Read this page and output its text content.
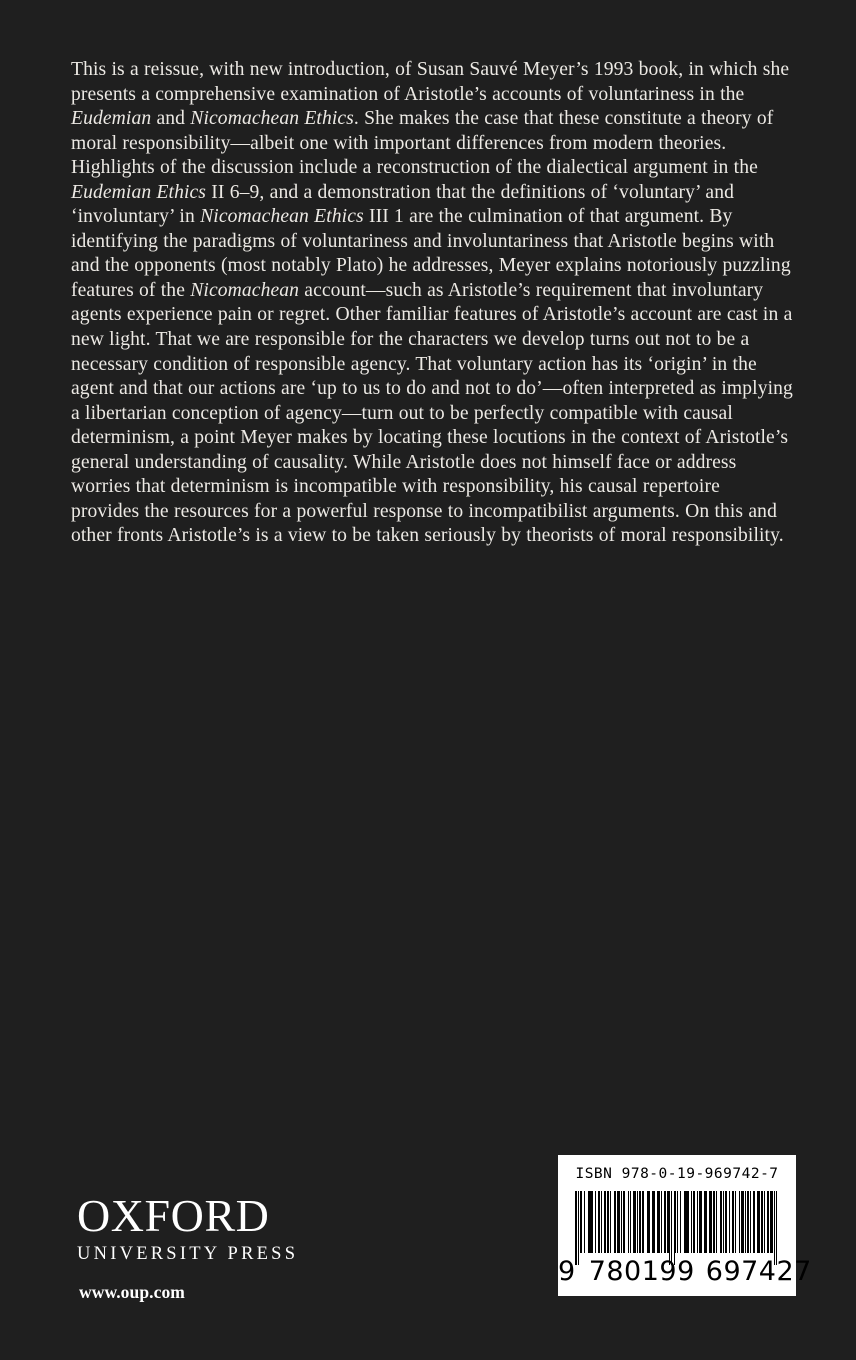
This is a reissue, with new introduction, of Susan Sauvé Meyer’s 1993 book, in which she presents a comprehensive examination of Aristotle’s accounts of voluntariness in the Eudemian and Nicomachean Ethics. She makes the case that these constitute a theory of moral responsibility—albeit one with important differences from modern theories. Highlights of the discussion include a reconstruction of the dialectical argument in the Eudemian Ethics II 6–9, and a demonstration that the definitions of ‘voluntary’ and ‘involuntary’ in Nicomachean Ethics III 1 are the culmination of that argument. By identifying the paradigms of voluntariness and involuntariness that Aristotle begins with and the opponents (most notably Plato) he addresses, Meyer explains notoriously puzzling features of the Nicomachean account—such as Aristotle’s requirement that involuntary agents experience pain or regret. Other familiar features of Aristotle’s account are cast in a new light. That we are responsible for the characters we develop turns out not to be a necessary condition of responsible agency. That voluntary action has its ‘origin’ in the agent and that our actions are ‘up to us to do and not to do’—often interpreted as implying a libertarian conception of agency—turn out to be perfectly compatible with causal determinism, a point Meyer makes by locating these locutions in the context of Aristotle’s general understanding of causality. While Aristotle does not himself face or address worries that determinism is incompatible with responsibility, his causal repertoire provides the resources for a powerful response to incompatibilist arguments. On this and other fronts Aristotle’s is a view to be taken seriously by theorists of moral responsibility.

OXFORD
UNIVERSITY PRESS
www.oup.com
ISBN 978-0-19-969742-7
9 780199 697427
